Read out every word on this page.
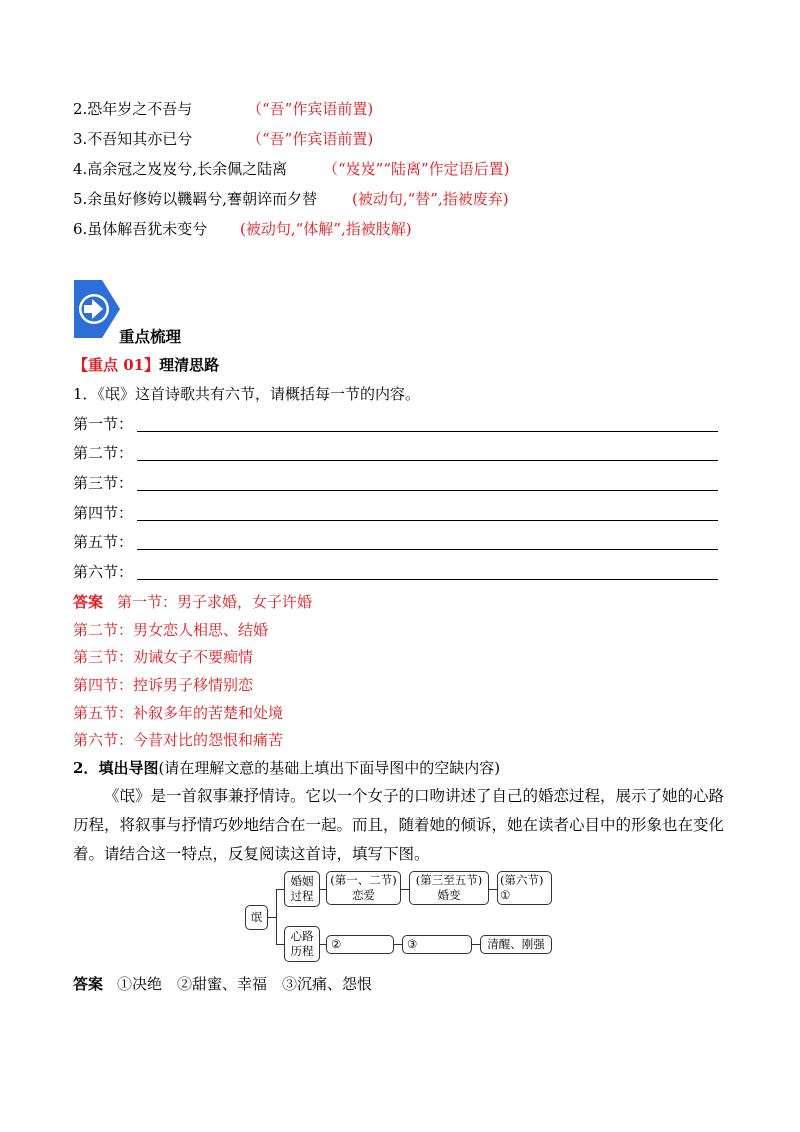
2.恐年岁之不吾与	（“吾”作宾语前置)
3.不吾知其亦已兮	（“吾”作宾语前置)
4.高余冠之岌岌兮,长余佩之陆离 （“岌岌”“陆离”作定语后置)
5.余虽好修姱以鞿羁兮,謇朝谇而夕替 (被动句,“替”,指被废弃)
6.虽体解吾犹未变兮 (被动句,“体解”,指被肢解)
重点梳理
【重点 01】理清思路
1．《氓》这首诗歌共有六节，请概括每一节的内容。
第一节：
第二节：
第三节：
第四节：
第五节：
第六节：
答案 第一节：男子求婚，女子许婚
第二节：男女恋人相思、结婚
第三节：劝诫女子不要痴情
第四节：控诉男子移情别恋
第五节：补叙多年的苦楚和处境
第六节：今昔对比的怨恨和痛苦
2．填出导图(请在理解文意的基础上填出下面导图中的空缺内容)
《氓》是一首叙事兼抒情诗。它以一个女子的口吻讲述了自己的婚恋过程，展示了她的心路历程，将叙事与抒情巧妙地结合在一起。而且，随着她的倾诉，她在读者心目中的形象也在变化着。请结合这一特点，反复阅读这首诗，填写下图。
氓
婚姻
过程
(第一、二节)
恋爱
(第三至五节)
婚变
(第六节)
①
心路
历程	②	③	清醒、刚强
答案 ①决绝　②甜蜜、幸福　③沉痛、怨恨
